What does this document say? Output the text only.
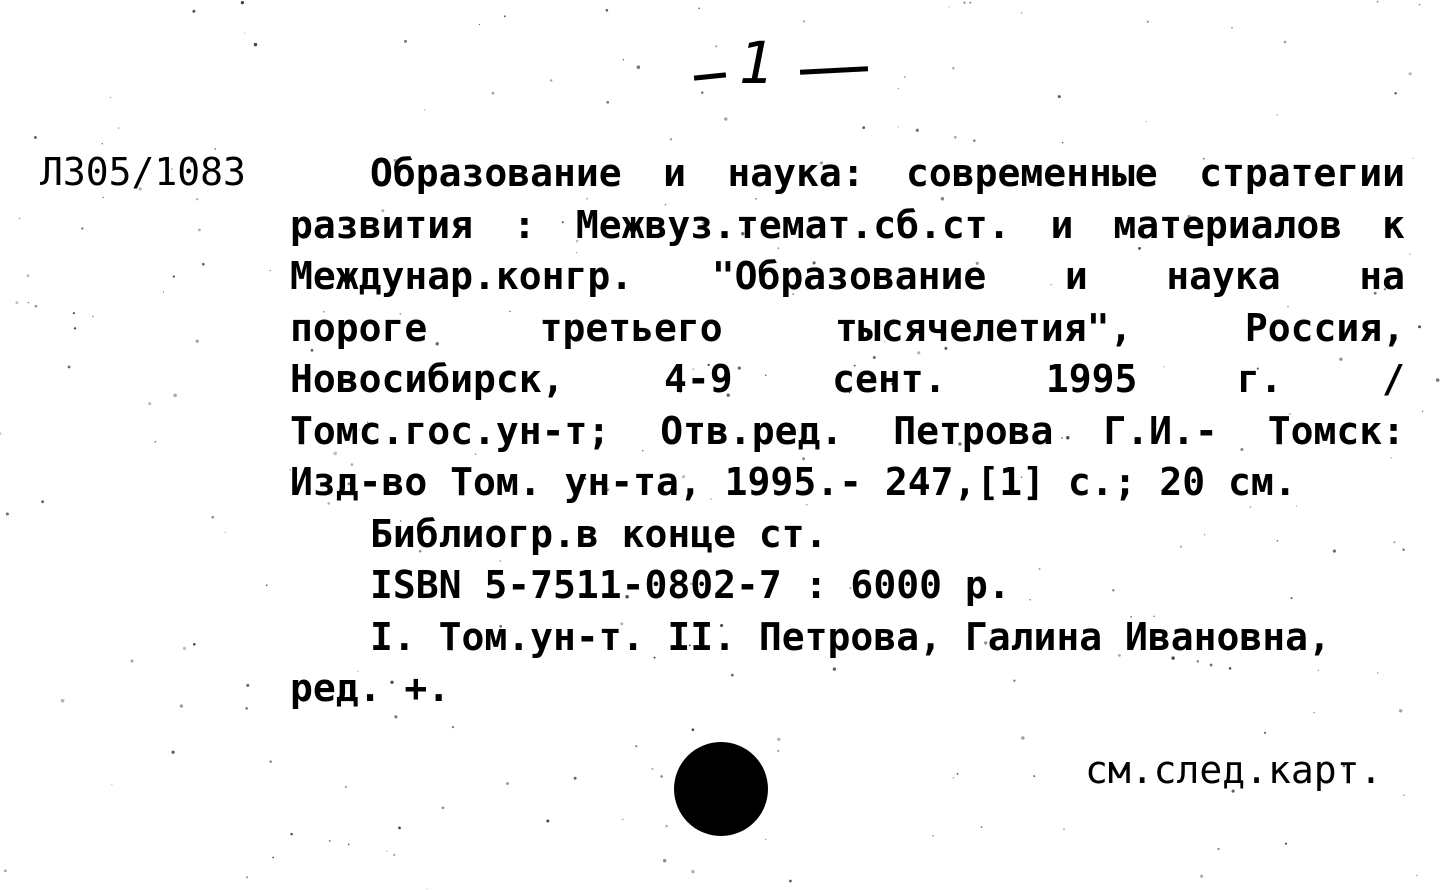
1
Л305/1083	Образование и наука: современные стратегии
развития : Межвуз.темат.сб.ст. и материалов к
Междунар.конгр. "Образование и наука на
пороге	третьего	тысячелетия",	Россия,
Новосибирск,	4-9	сент.	1995	г.	/
Томс.гос.ун-т; Отв.ред. Петрова Г.И.- Томск:
Изд-во Том. ун-та, 1995.- 247,[1] с.; 20 см.
Библиогр.в конце ст.
ISBN 5-7511-0802-7 : 6000 р.
I. Том.ун-т. II. Петрова, Галина Ивановна,
ред. +.
см.след.карт.
